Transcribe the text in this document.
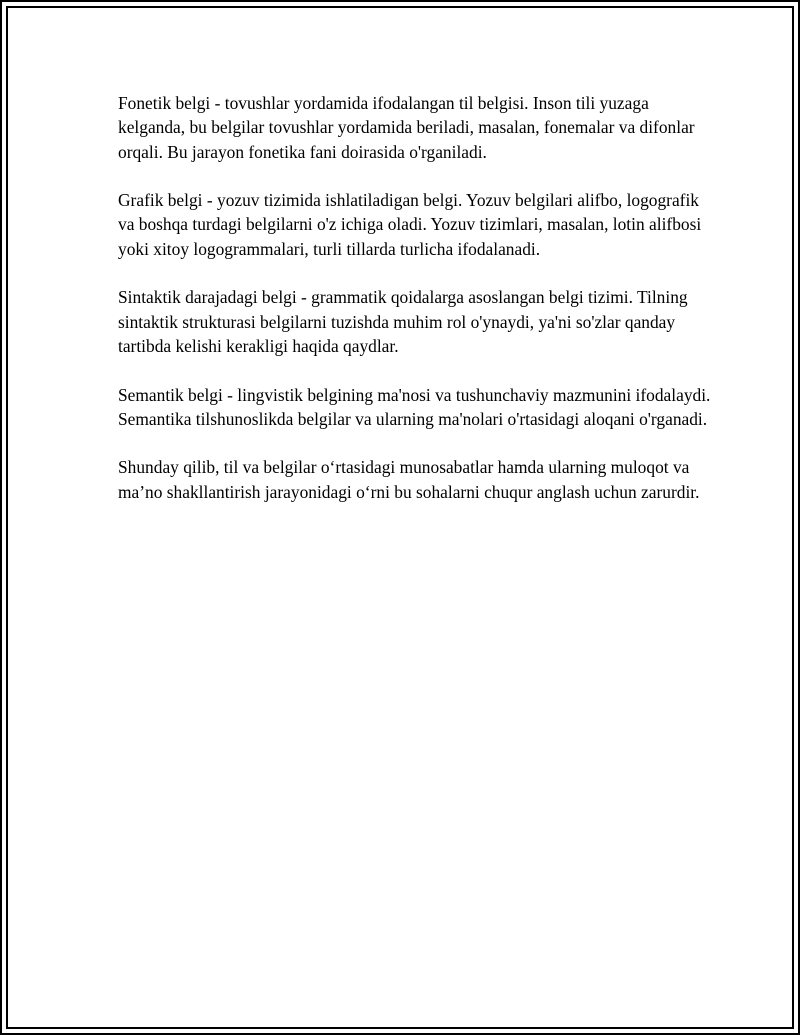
Fonetik belgi - tovushlar yordamida ifodalangan til belgisi. Inson tili yuzaga kelganda, bu belgilar tovushlar yordamida beriladi, masalan, fonemalar va difonlar orqali. Bu jarayon fonetika fani doirasida o'rganiladi.

Grafik belgi - yozuv tizimida ishlatiladigan belgi. Yozuv belgilari alifbo, logografik va boshqa turdagi belgilarni o'z ichiga oladi. Yozuv tizimlari, masalan, lotin alifbosi yoki xitoy logogrammalari, turli tillarda turlicha ifodalanadi.

Sintaktik darajadagi belgi - grammatik qoidalarga asoslangan belgi tizimi. Tilning sintaktik strukturasi belgilarni tuzishda muhim rol o'ynaydi, ya'ni so'zlar qanday tartibda kelishi kerakligi haqida qaydlar.

Semantik belgi - lingvistik belgining ma'nosi va tushunchaviy mazmunini ifodalaydi. Semantika tilshunoslikda belgilar va ularning ma'nolari o'rtasidagi aloqani o'rganadi.

Shunday qilib, til va belgilar o‘rtasidagi munosabatlar hamda ularning muloqot va ma’no shakllantirish jarayonidagi o‘rni bu sohalarni chuqur anglash uchun zarurdir.
